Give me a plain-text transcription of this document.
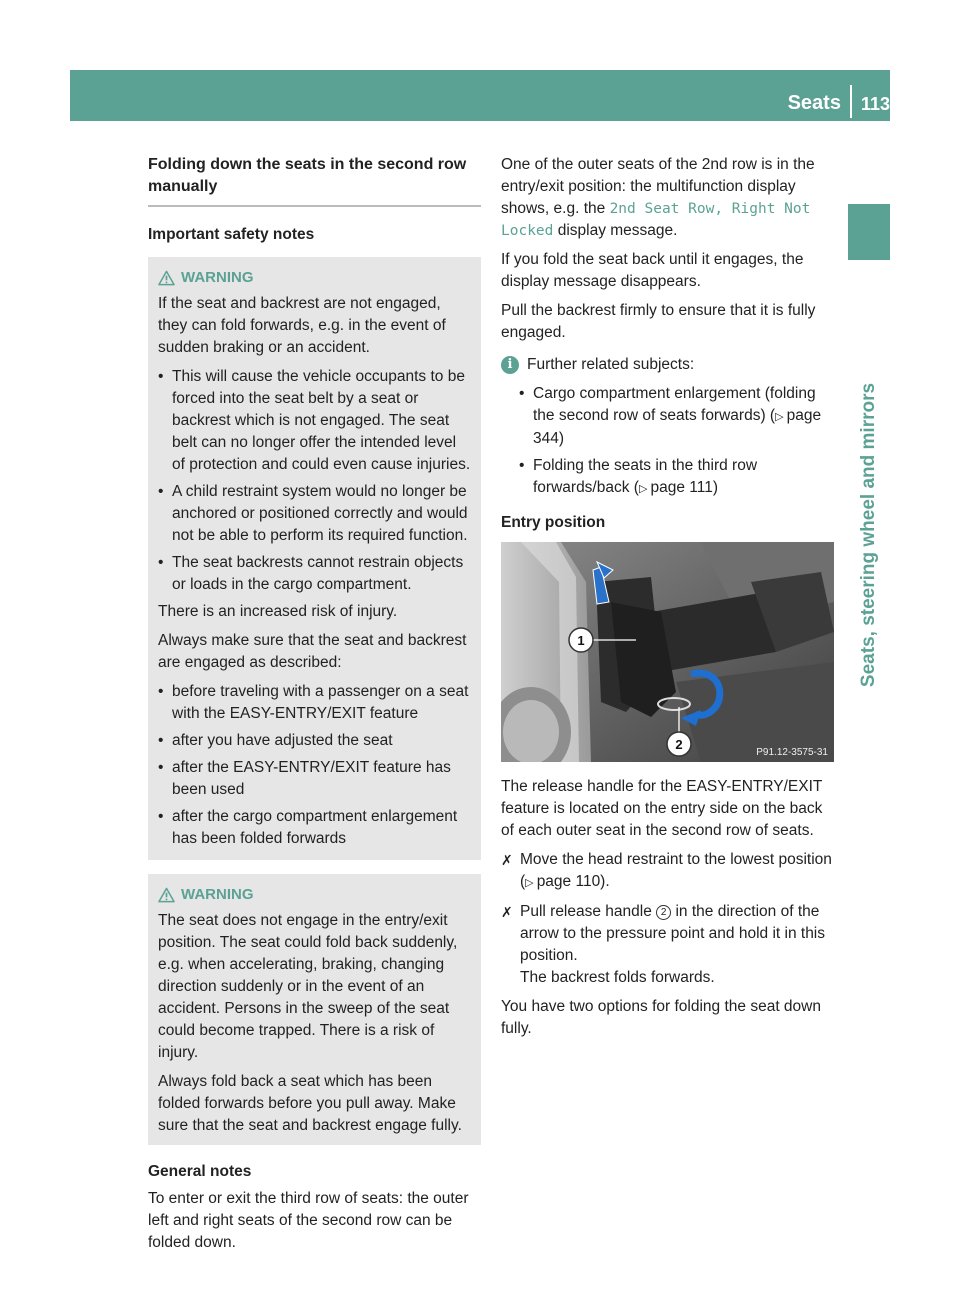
Seats	113
Seats, steering wheel and mirrors
Folding down the seats in the second row manually
Important safety notes
WARNING

If the seat and backrest are not engaged, they can fold forwards, e.g. in the event of sudden braking or an accident.

• This will cause the vehicle occupants to be forced into the seat belt by a seat or backrest which is not engaged. The seat belt can no longer offer the intended level of protection and could even cause injuries.
• A child restraint system would no longer be anchored or positioned correctly and would not be able to perform its required function.
• The seat backrests cannot restrain objects or loads in the cargo compartment.

There is an increased risk of injury.

Always make sure that the seat and backrest are engaged as described:

• before traveling with a passenger on a seat with the EASY-ENTRY/EXIT feature
• after you have adjusted the seat
• after the EASY-ENTRY/EXIT feature has been used
• after the cargo compartment enlargement has been folded forwards
WARNING

The seat does not engage in the entry/exit position. The seat could fold back suddenly, e.g. when accelerating, braking, changing direction suddenly or in the event of an accident. Persons in the sweep of the seat could become trapped. There is a risk of injury.

Always fold back a seat which has been folded forwards before you pull away. Make sure that the seat and backrest engage fully.

General notes

To enter or exit the third row of seats: the outer left and right seats of the second row can be folded down.

One of the outer seats of the 2nd row is in the entry/exit position: the multifunction display shows, e.g. the 2nd Seat Row, Right Not Locked display message.

If you fold the seat back until it engages, the display message disappears.

Pull the backrest firmly to ensure that it is fully engaged.

i Further related subjects:
• Cargo compartment enlargement (folding the second row of seats forwards) (▷ page 344)
• Folding the seats in the third row forwards/back (▷ page 111)
Entry position
1
2
P91.12-3575-31

The release handle for the EASY-ENTRY/EXIT feature is located on the entry side on the back of each outer seat in the second row of seats.

✗ Move the head restraint to the lowest position (▷ page 110).
✗ Pull release handle 2 in the direction of the arrow to the pressure point and hold it in this position.
The backrest folds forwards.

You have two options for folding the seat down fully.
